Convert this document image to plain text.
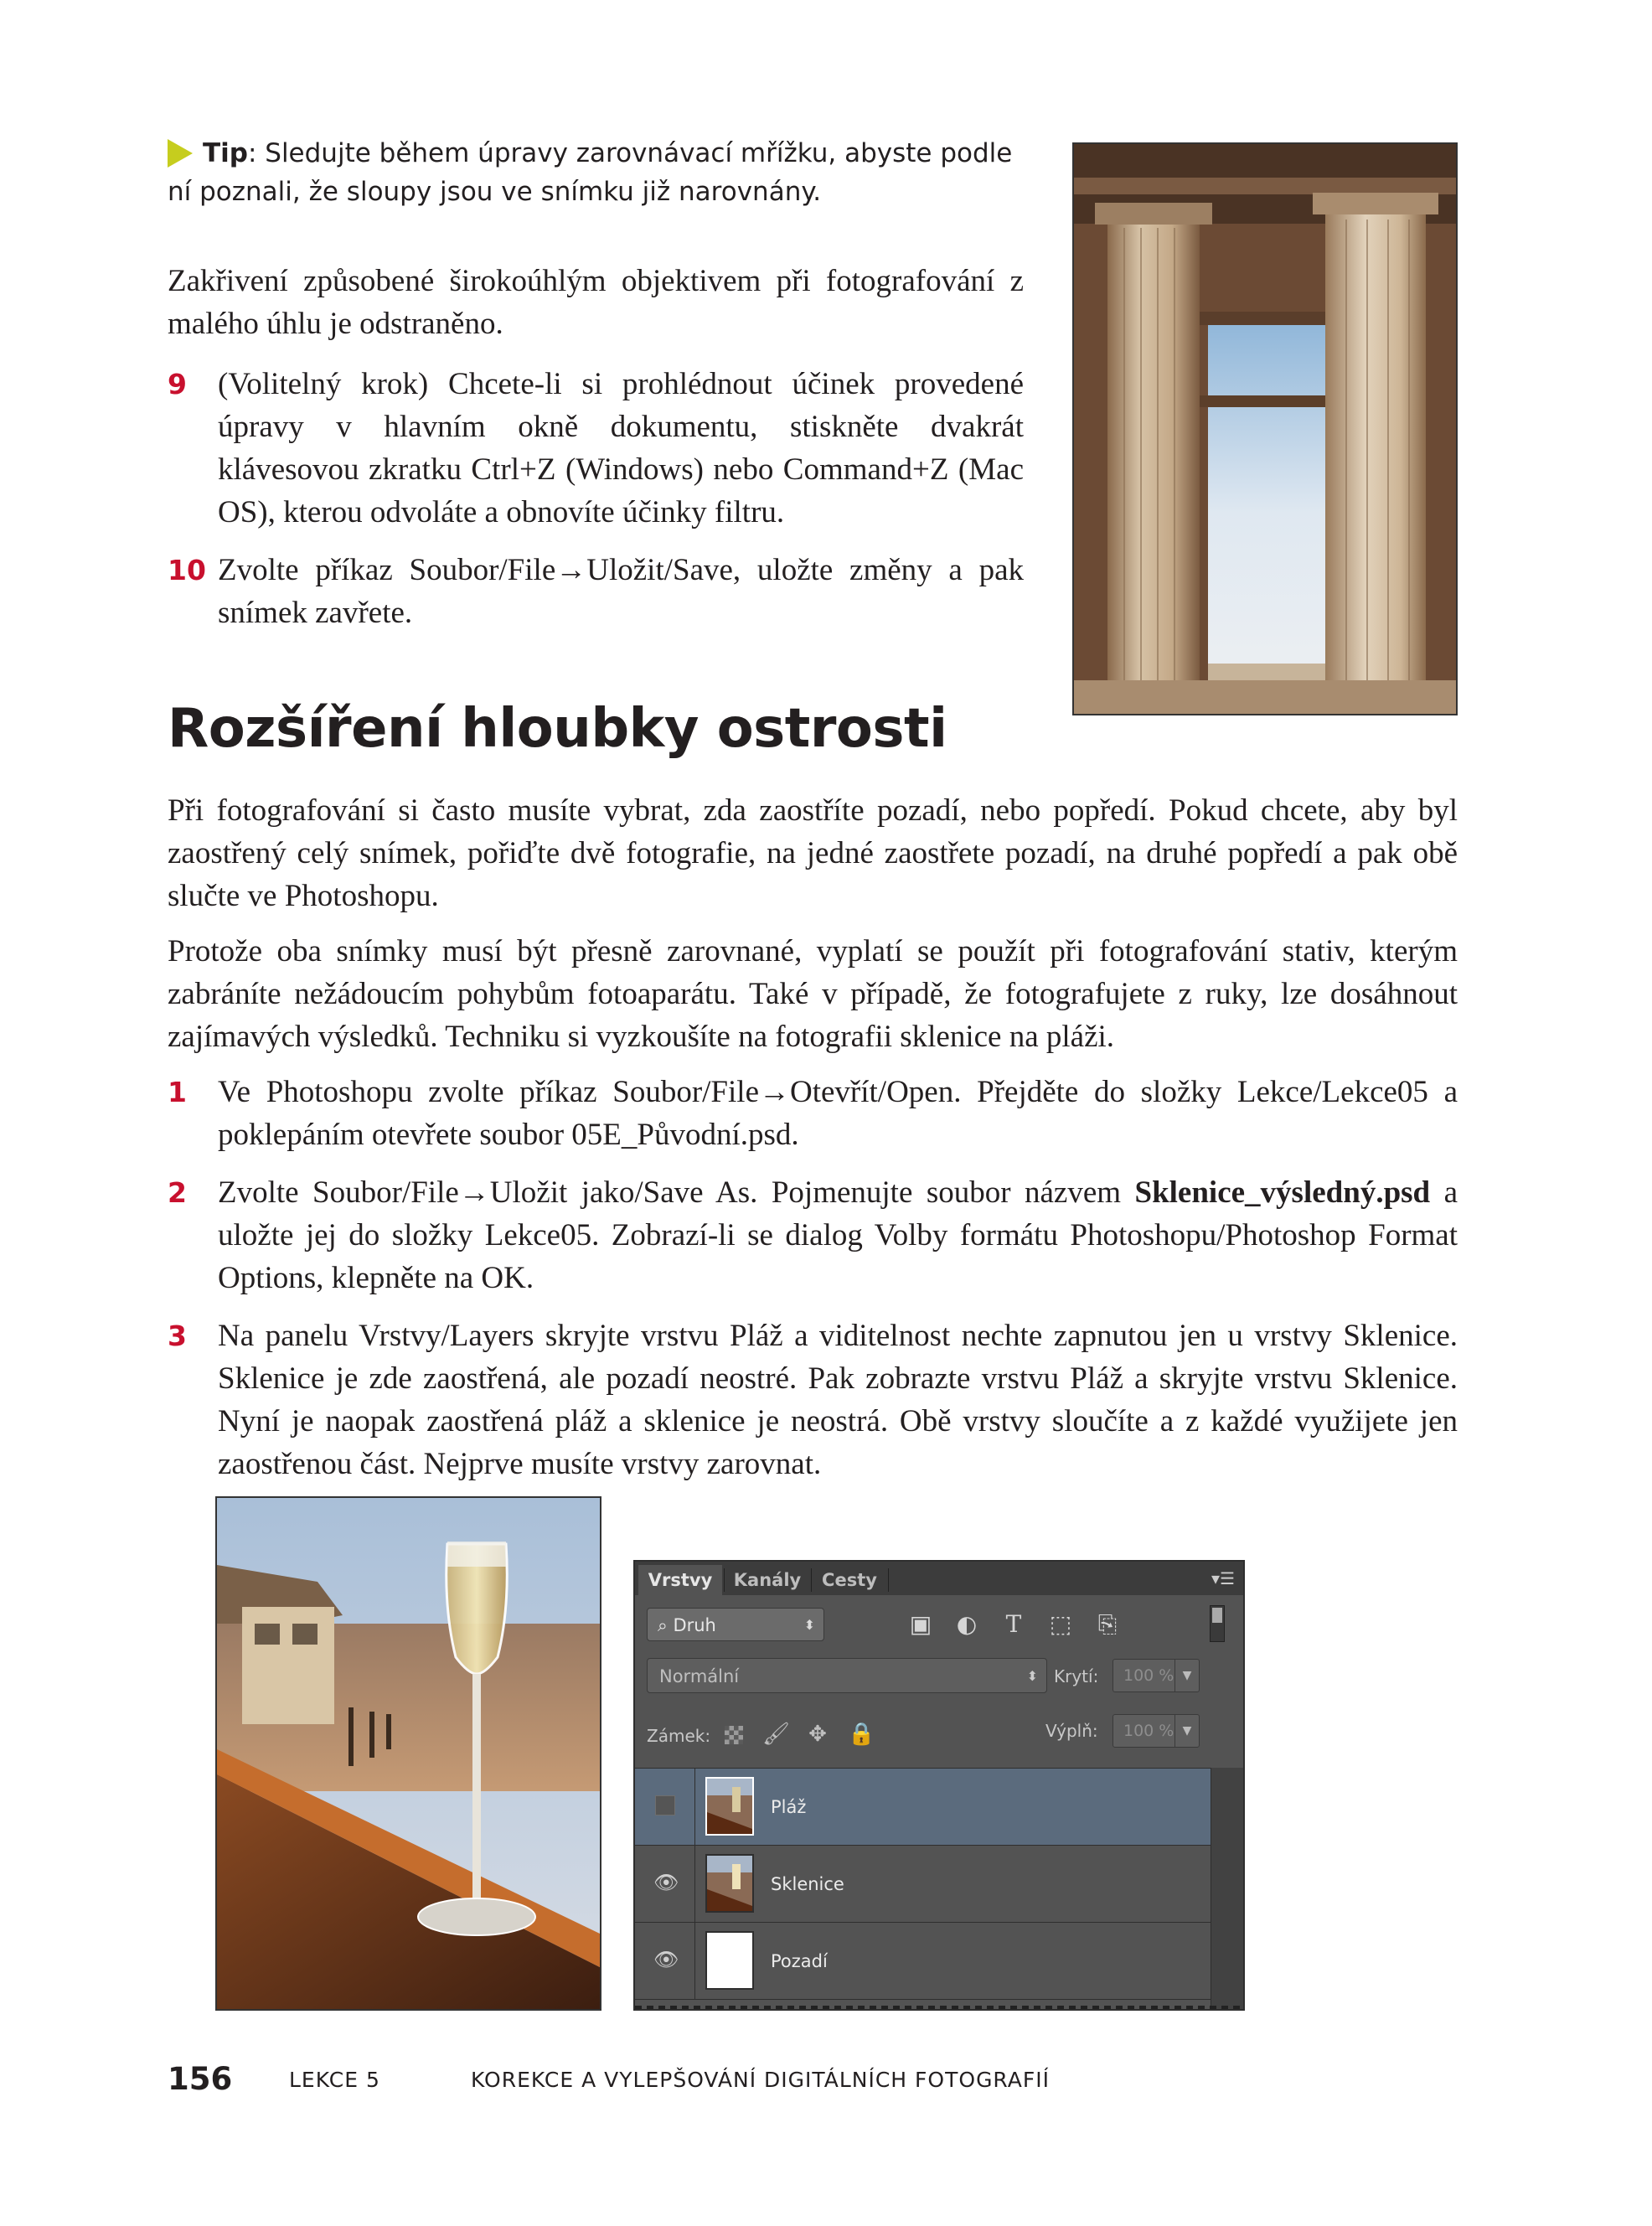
Tip: Sledujte během úpravy zarovnávací mřížku, abyste podle ní poznali, že sloupy jsou ve snímku již narovnány.
Zakřivení způsobené širokoúhlým objektivem při fotografování z malého úhlu je odstraněno.
9 (Volitelný krok) Chcete-li si prohlédnout účinek provedené úpravy v hlavním okně dokumentu, stiskněte dvakrát klávesovou zkratku Ctrl+Z (Windows) nebo Command+Z (Mac OS), kterou odvoláte a obnovíte účinky filtru.
10 Zvolte příkaz Soubor/File→Uložit/Save, uložte změny a pak snímek zavřete.
Rozšíření hloubky ostrosti
Při fotografování si často musíte vybrat, zda zaostříte pozadí, nebo popředí. Pokud chcete, aby byl zaostřený celý snímek, pořiďte dvě fotografie, na jedné zaostřete pozadí, na druhé popředí a pak obě slučte ve Photoshopu.
Protože oba snímky musí být přesně zarovnané, vyplatí se použít při fotografování stativ, kterým zabráníte nežádoucím pohybům fotoaparátu. Také v případě, že fotografujete z ruky, lze dosáhnout zajímavých výsledků. Techniku si vyzkoušíte na fotografii sklenice na pláži.
1 Ve Photoshopu zvolte příkaz Soubor/File→Otevřít/Open. Přejděte do složky Lekce/Lekce05 a poklepáním otevřete soubor 05E_Původní.psd.
2 Zvolte Soubor/File→Uložit jako/Save As. Pojmenujte soubor názvem Sklenice_výsledný.psd a uložte jej do složky Lekce05. Zobrazí-li se dialog Volby formátu Photoshopu/Photoshop Format Options, klepněte na OK.
3 Na panelu Vrstvy/Layers skryjte vrstvu Pláž a viditelnost nechte zapnutou jen u vrstvy Sklenice. Sklenice je zde zaostřená, ale pozadí neostré. Pak zobrazte vrstvu Pláž a skryjte vrstvu Sklenice. Nyní je naopak zaostřená pláž a sklenice je neostrá. Obě vrstvy sloučíte a z každé využijete jen zaostřenou část. Nejprve musíte vrstvy zarovnat.
Vrstvy	Kanály	Cesty	▾☰
⌕ Druh	⬍	▣ ◐	T	⬚ ⎘
Normální	⬍ Krytí:	100 % ▼
Zámek: 🖌 ✥ 🔒	Výplň:	100 % ▼
Pláž
👁	Sklenice
👁	Pozadí
156	LEKCE 5	KOREKCE A VYLEPŠOVÁNÍ DIGITÁLNÍCH FOTOGRAFIÍ
